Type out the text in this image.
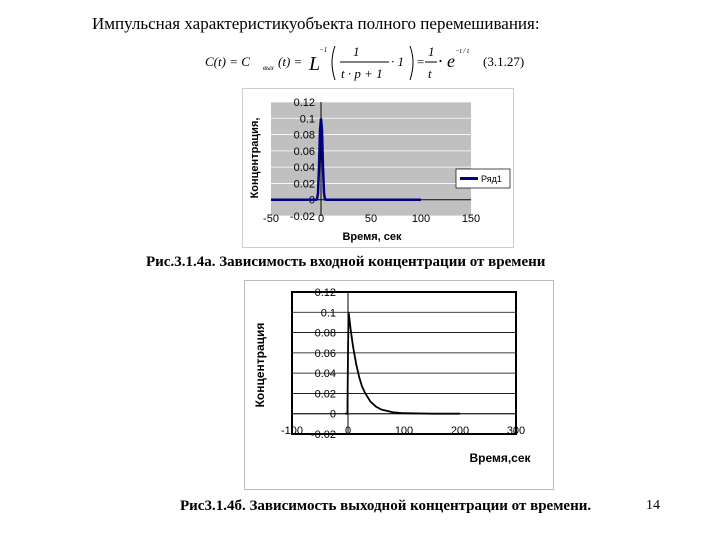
Импульсная характеристикуобъекта полного перемешивания:
C(t) = C вых (t) = L
−1 1
t · p + 1
· 1 =
1
t
· e −t / t
(3.1.27)
-0.02
0
0.02
0.04
0.06
0.08
0.1
0.12
-50	0	50	100	150
Концентрация,
Время, сек
Ряд1
Рис.3.1.4а. Зависимость входной концентрации от времени
-0.02
0
0.02
0.04
0.06
0.08
0.1
0.12
-100	0	100	200	300
Концентрация
Время,сек
Рис3.1.4б. Зависимость выходной концентрации от времени.	14
